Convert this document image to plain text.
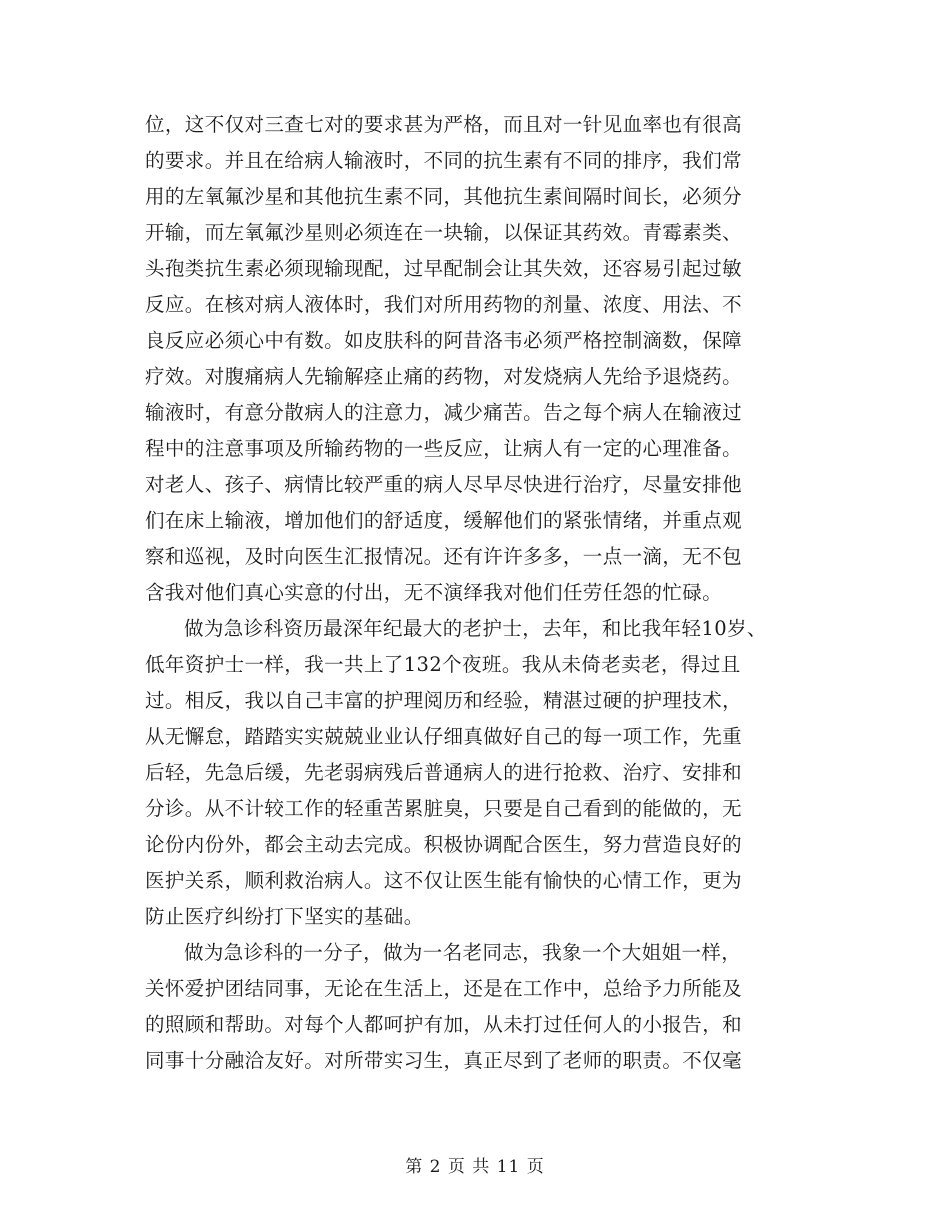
位，这不仅对三查七对的要求甚为严格，而且对一针见血率也有很高
的要求。并且在给病人输液时，不同的抗生素有不同的排序，我们常
用的左氧氟沙星和其他抗生素不同，其他抗生素间隔时间长，必须分
开输，而左氧氟沙星则必须连在一块输，以保证其药效。青霉素类、
头孢类抗生素必须现输现配，过早配制会让其失效，还容易引起过敏
反应。在核对病人液体时，我们对所用药物的剂量、浓度、用法、不
良反应必须心中有数。如皮肤科的阿昔洛韦必须严格控制滴数，保障
疗效。对腹痛病人先输解痉止痛的药物，对发烧病人先给予退烧药。
输液时，有意分散病人的注意力，减少痛苦。告之每个病人在输液过
程中的注意事项及所输药物的一些反应，让病人有一定的心理准备。
对老人、孩子、病情比较严重的病人尽早尽快进行治疗，尽量安排他
们在床上输液，增加他们的舒适度，缓解他们的紧张情绪，并重点观
察和巡视，及时向医生汇报情况。还有许许多多，一点一滴，无不包
含我对他们真心实意的付出，无不演绎我对他们任劳任怨的忙碌。
做为急诊科资历最深年纪最大的老护士，去年，和比我年轻10岁、
低年资护士一样，我一共上了132个夜班。我从未倚老卖老，得过且
过。相反，我以自己丰富的护理阅历和经验，精湛过硬的护理技术，
从无懈怠，踏踏实实兢兢业业认仔细真做好自己的每一项工作，先重
后轻，先急后缓，先老弱病残后普通病人的进行抢救、治疗、安排和
分诊。从不计较工作的轻重苦累脏臭，只要是自己看到的能做的，无
论份内份外，都会主动去完成。积极协调配合医生，努力营造良好的
医护关系，顺利救治病人。这不仅让医生能有愉快的心情工作，更为
防止医疗纠纷打下坚实的基础。
做为急诊科的一分子，做为一名老同志，我象一个大姐姐一样，
关怀爱护团结同事，无论在生活上，还是在工作中，总给予力所能及
的照顾和帮助。对每个人都呵护有加，从未打过任何人的小报告，和
同事十分融洽友好。对所带实习生，真正尽到了老师的职责。不仅毫
第 2 页 共 11 页
